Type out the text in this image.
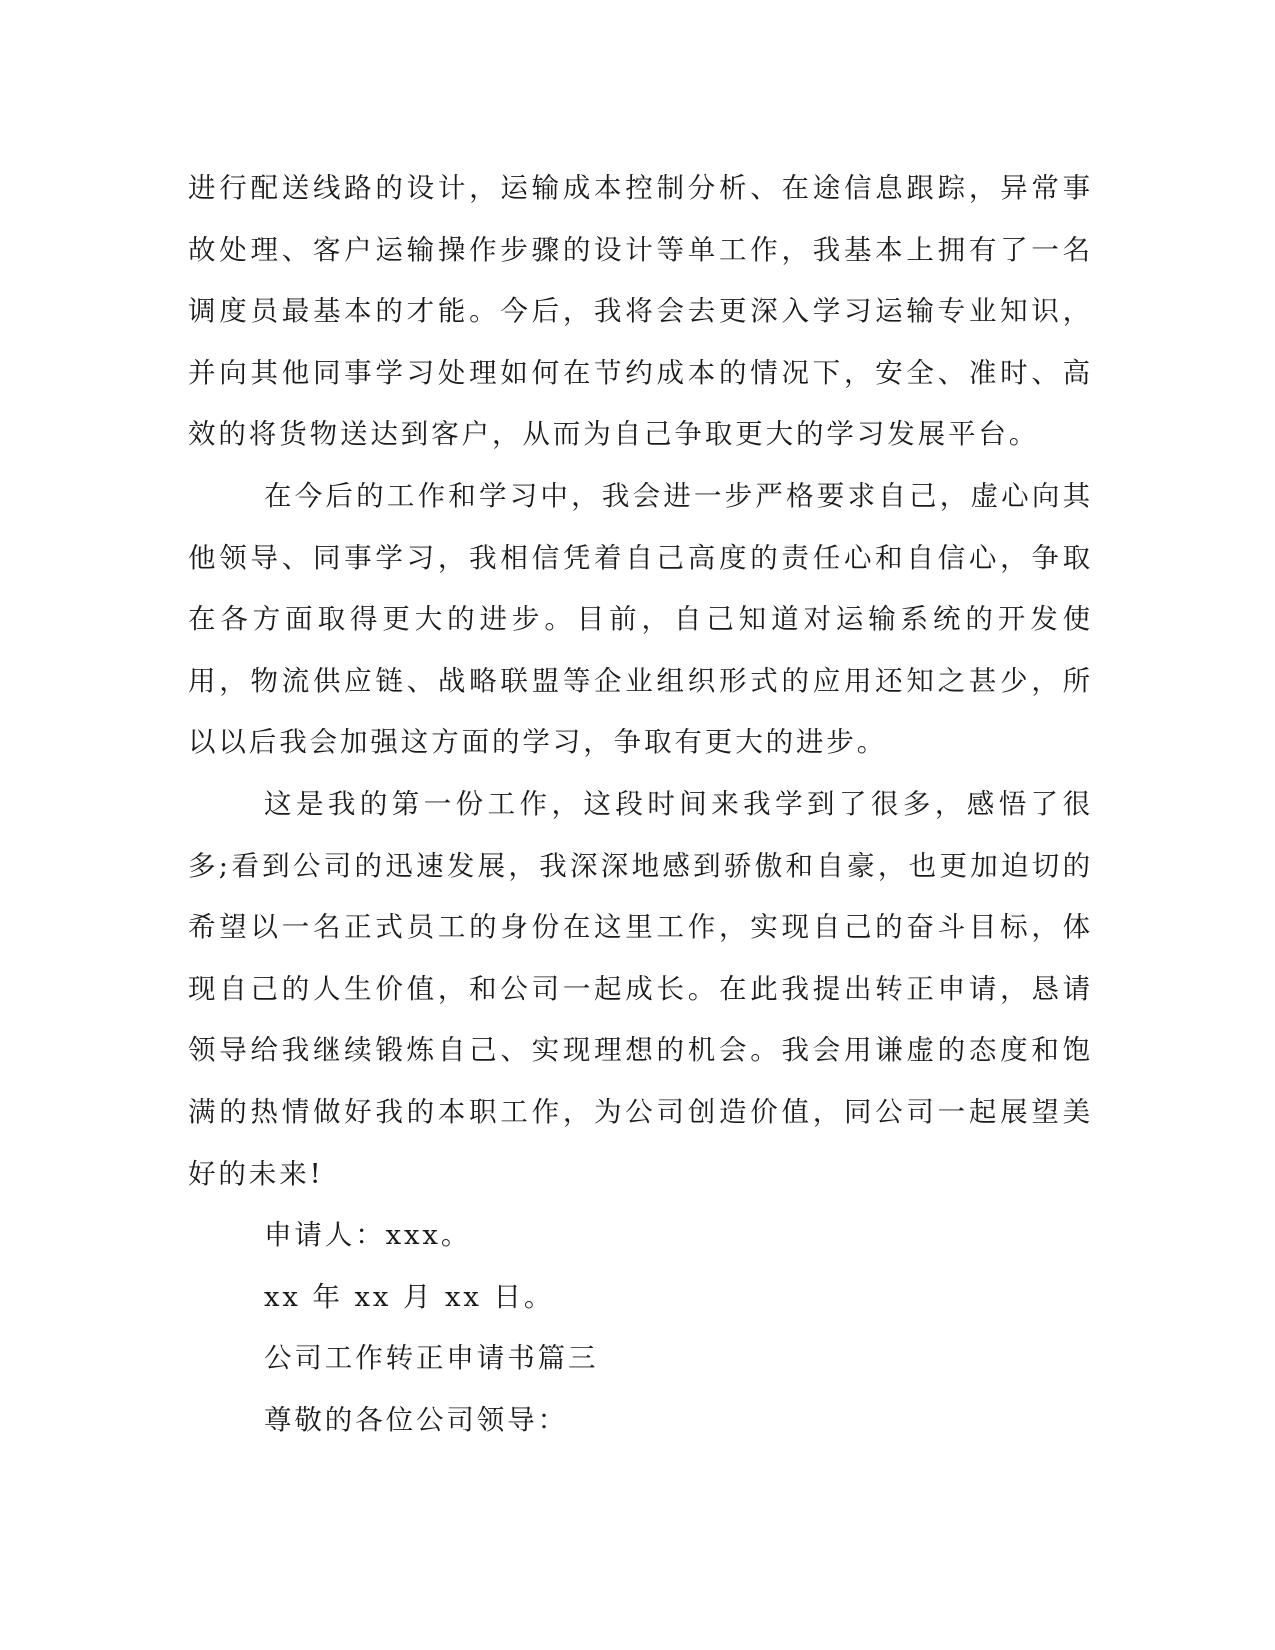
进行配送线路的设计，运输成本控制分析、在途信息跟踪，异常事故处理、客户运输操作步骤的设计等单工作，我基本上拥有了一名调度员最基本的才能。今后，我将会去更深入学习运输专业知识，并向其他同事学习处理如何在节约成本的情况下，安全、准时、高效的将货物送达到客户，从而为自己争取更大的学习发展平台。

在今后的工作和学习中，我会进一步严格要求自己，虚心向其他领导、同事学习，我相信凭着自己高度的责任心和自信心，争取在各方面取得更大的进步。目前，自己知道对运输系统的开发使用，物流供应链、战略联盟等企业组织形式的应用还知之甚少，所以以后我会加强这方面的学习，争取有更大的进步。

这是我的第一份工作，这段时间来我学到了很多，感悟了很多;看到公司的迅速发展，我深深地感到骄傲和自豪，也更加迫切的希望以一名正式员工的身份在这里工作，实现自己的奋斗目标，体现自己的人生价值，和公司一起成长。在此我提出转正申请，恳请领导给我继续锻炼自己、实现理想的机会。我会用谦虚的态度和饱满的热情做好我的本职工作，为公司创造价值，同公司一起展望美好的未来!

申请人：xxx。

xx 年 xx 月 xx 日。

公司工作转正申请书篇三

尊敬的各位公司领导：
